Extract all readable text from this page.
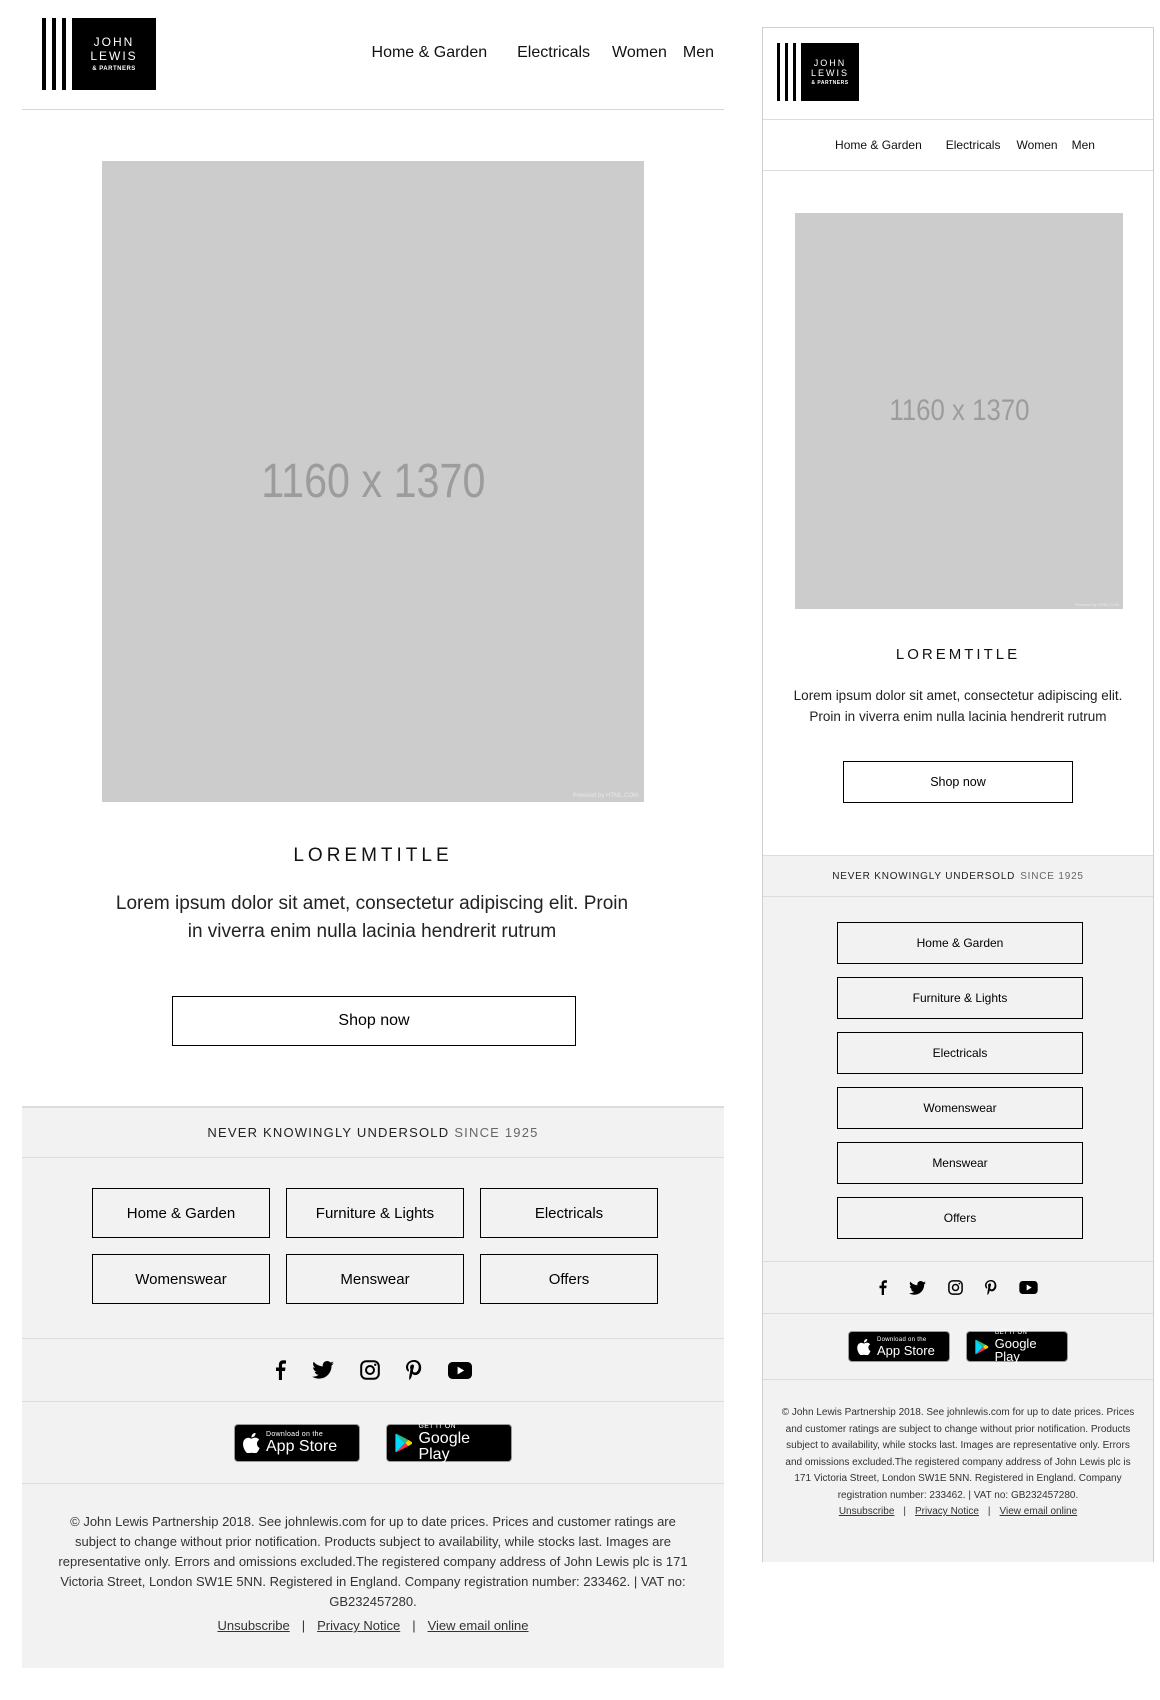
JOHN
LEWIS
& PARTNERS
Home & Garden Electricals Women Men
1160 x 1370
Powered by HTML.COM
LOREMTITLE
Lorem ipsum dolor sit amet, consectetur adipiscing elit. Proin in viverra enim nulla lacinia hendrerit rutrum
Shop now
NEVER KNOWINGLY UNDERSOLD SINCE 1925
Home & Garden	Furniture & Lights	Electricals
Womenswear	Menswear	Offers
Download on the
App Store
GET IT ON
Google Play
© John Lewis Partnership 2018. See johnlewis.com for up to date prices. Prices and customer ratings are subject to change without prior notification. Products subject to availability, while stocks last. Images are representative only. Errors and omissions excluded.The registered company address of John Lewis plc is 171 Victoria Street, London SW1E 5NN. Registered in England. Company registration number: 233462. | VAT no: GB232457280.
Unsubscribe | Privacy Notice | View email online
JOHN
LEWIS
& PARTNERS
Home & Garden Electricals Women Men
1160 x 1370
Powered by HTML.COM
LOREMTITLE
Lorem ipsum dolor sit amet, consectetur adipiscing elit. Proin in viverra enim nulla lacinia hendrerit rutrum
Shop now
NEVER KNOWINGLY UNDERSOLD SINCE 1925
Home & Garden
Furniture & Lights
Electricals
Womenswear
Menswear
Offers
Download on the
App Store
GET IT ON
Google Play
© John Lewis Partnership 2018. See johnlewis.com for up to date prices. Prices and customer ratings are subject to change without prior notification. Products subject to availability, while stocks last. Images are representative only. Errors and omissions excluded.The registered company address of John Lewis plc is 171 Victoria Street, London SW1E 5NN. Registered in England. Company registration number: 233462. | VAT no: GB232457280.
Unsubscribe | Privacy Notice | View email online
